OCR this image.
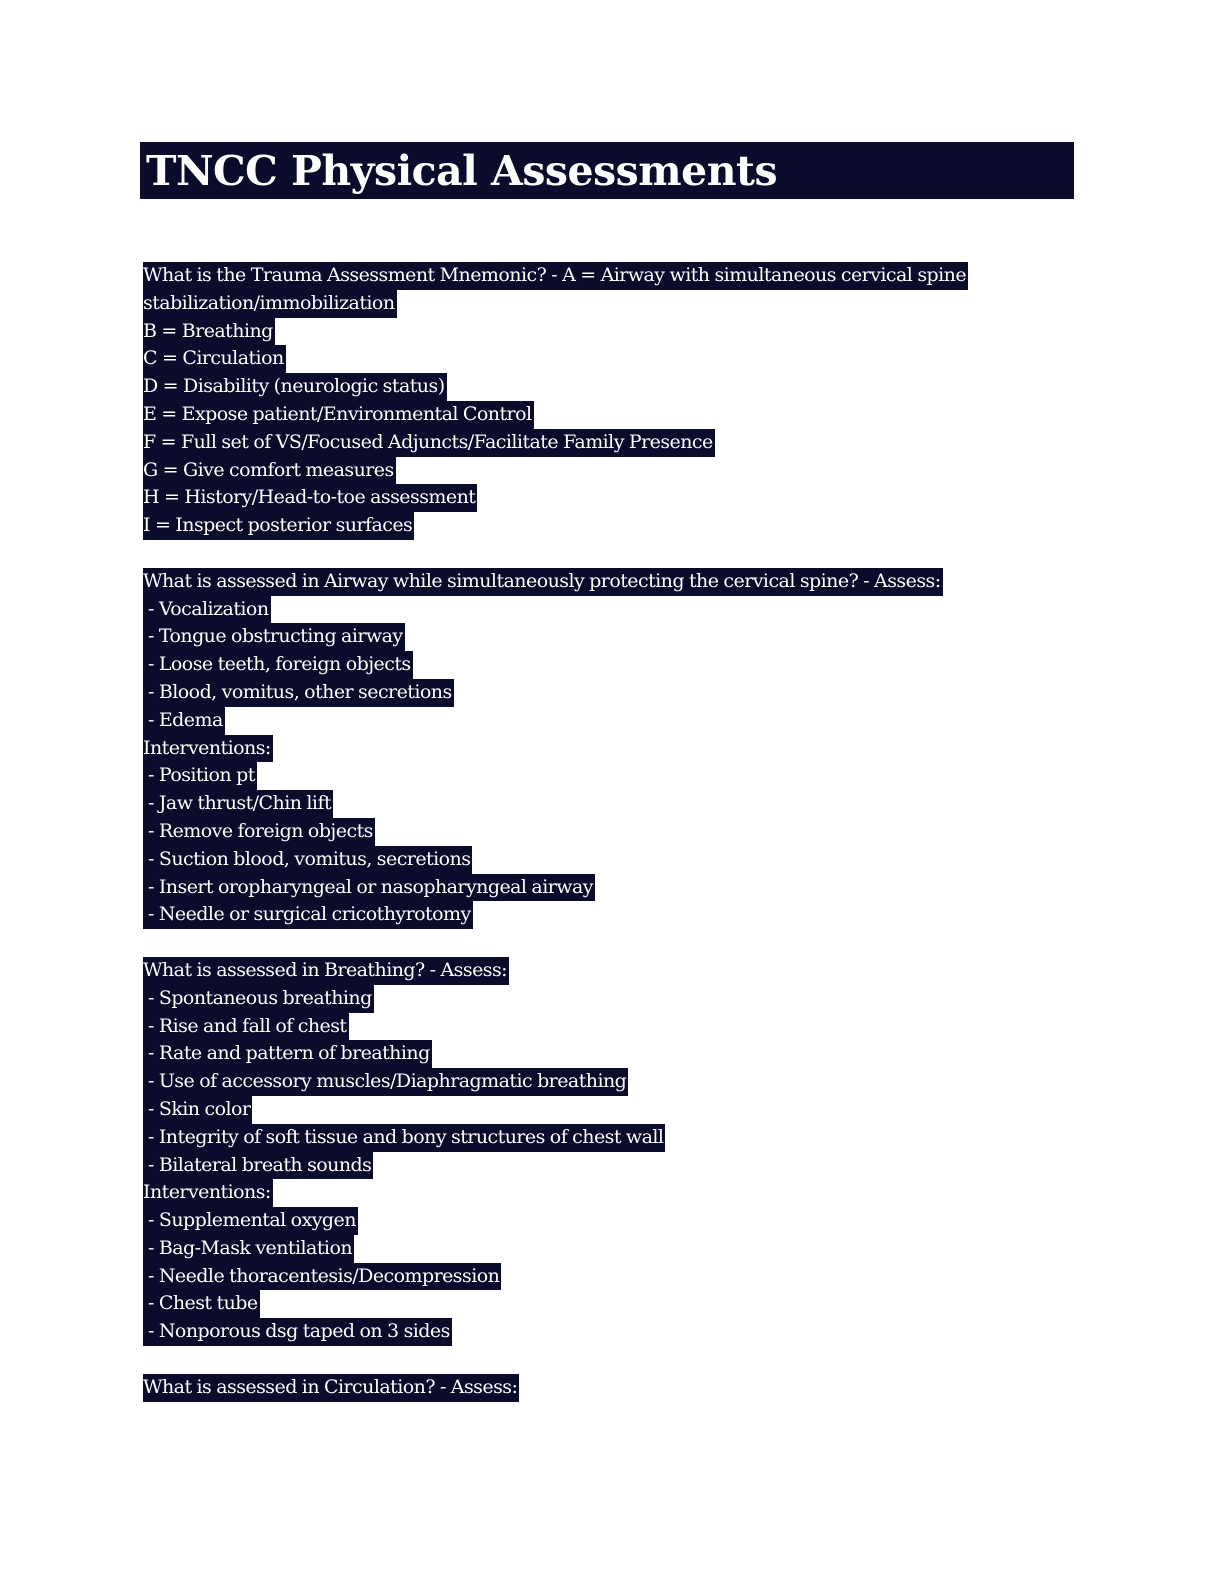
TNCC Physical Assessments
What is the Trauma Assessment Mnemonic? - A = Airway with simultaneous cervical spine
stabilization/immobilization
B = Breathing
C = Circulation
D = Disability (neurologic status)
E = Expose patient/Environmental Control
F = Full set of VS/Focused Adjuncts/Facilitate Family Presence
G = Give comfort measures
H = History/Head-to-toe assessment
I = Inspect posterior surfaces
What is assessed in Airway while simultaneously protecting the cervical spine? - Assess:
- Vocalization
- Tongue obstructing airway
- Loose teeth, foreign objects
- Blood, vomitus, other secretions
- Edema
Interventions:
- Position pt
- Jaw thrust/Chin lift
- Remove foreign objects
- Suction blood, vomitus, secretions
- Insert oropharyngeal or nasopharyngeal airway
- Needle or surgical cricothyrotomy
What is assessed in Breathing? - Assess:
- Spontaneous breathing
- Rise and fall of chest
- Rate and pattern of breathing
- Use of accessory muscles/Diaphragmatic breathing
- Skin color
- Integrity of soft tissue and bony structures of chest wall
- Bilateral breath sounds
Interventions:
- Supplemental oxygen
- Bag-Mask ventilation
- Needle thoracentesis/Decompression
- Chest tube
- Nonporous dsg taped on 3 sides
What is assessed in Circulation? - Assess:
